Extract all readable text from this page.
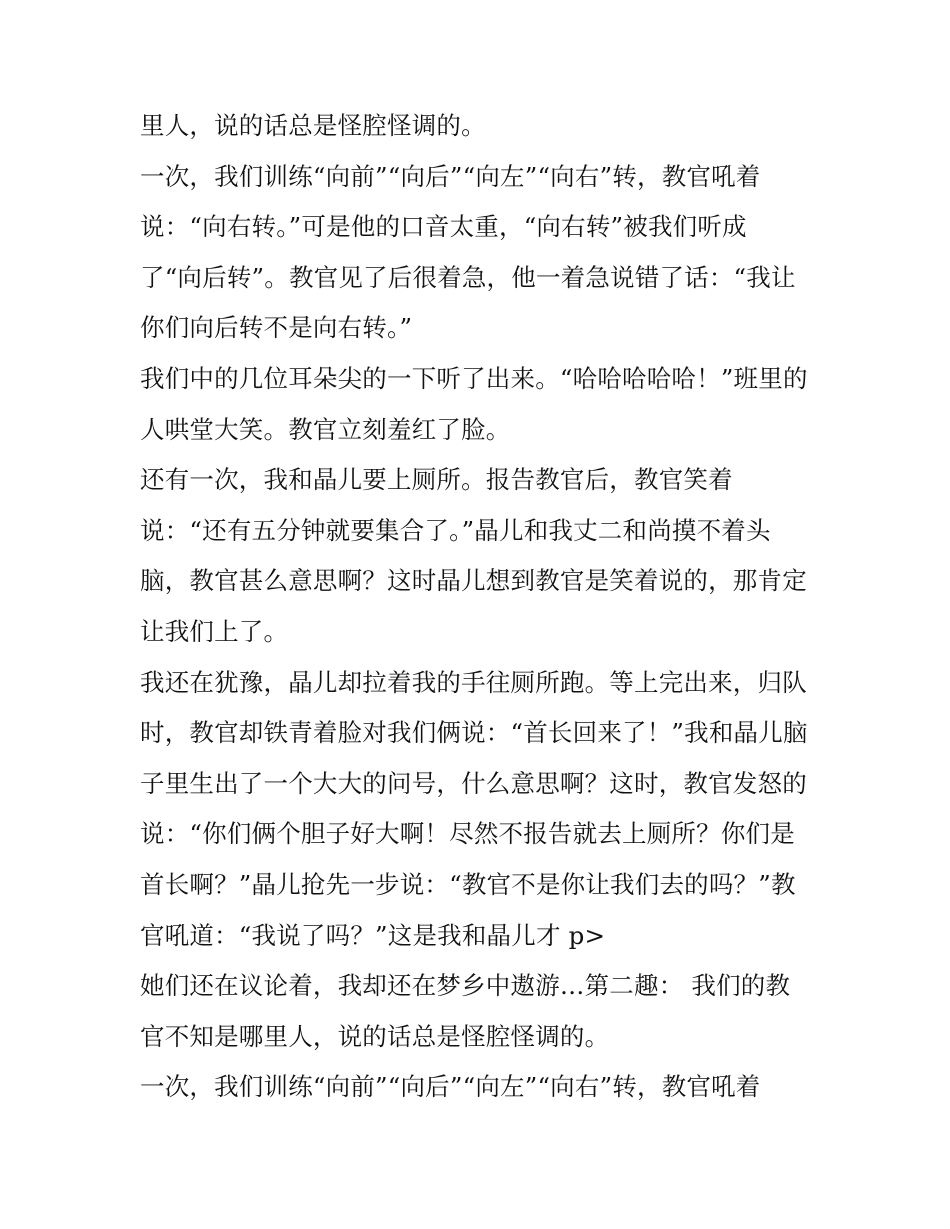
里人，说的话总是怪腔怪调的。
一次，我们训练“向前”“向后”“向左”“向右”转，教官吼着
说：“向右转。”可是他的口音太重，“向右转”被我们听成
了“向后转”。教官见了后很着急，他一着急说错了话：“我让
你们向后转不是向右转。”
我们中的几位耳朵尖的一下听了出来。“哈哈哈哈哈！”班里的
人哄堂大笑。教官立刻羞红了脸。
还有一次，我和晶儿要上厕所。报告教官后，教官笑着
说：“还有五分钟就要集合了。”晶儿和我丈二和尚摸不着头
脑，教官甚么意思啊？这时晶儿想到教官是笑着说的，那肯定
让我们上了。
我还在犹豫，晶儿却拉着我的手往厕所跑。等上完出来，归队
时，教官却铁青着脸对我们俩说：“首长回来了！”我和晶儿脑
子里生出了一个大大的问号，什么意思啊？这时，教官发怒的
说：“你们俩个胆子好大啊！尽然不报告就去上厕所？你们是
首长啊？”晶儿抢先一步说：“教官不是你让我们去的吗？”教
官吼道：“我说了吗？”这是我和晶儿才 p>
她们还在议论着，我却还在梦乡中遨游…第二趣： 我们的教
官不知是哪里人，说的话总是怪腔怪调的。
一次，我们训练“向前”“向后”“向左”“向右”转，教官吼着
